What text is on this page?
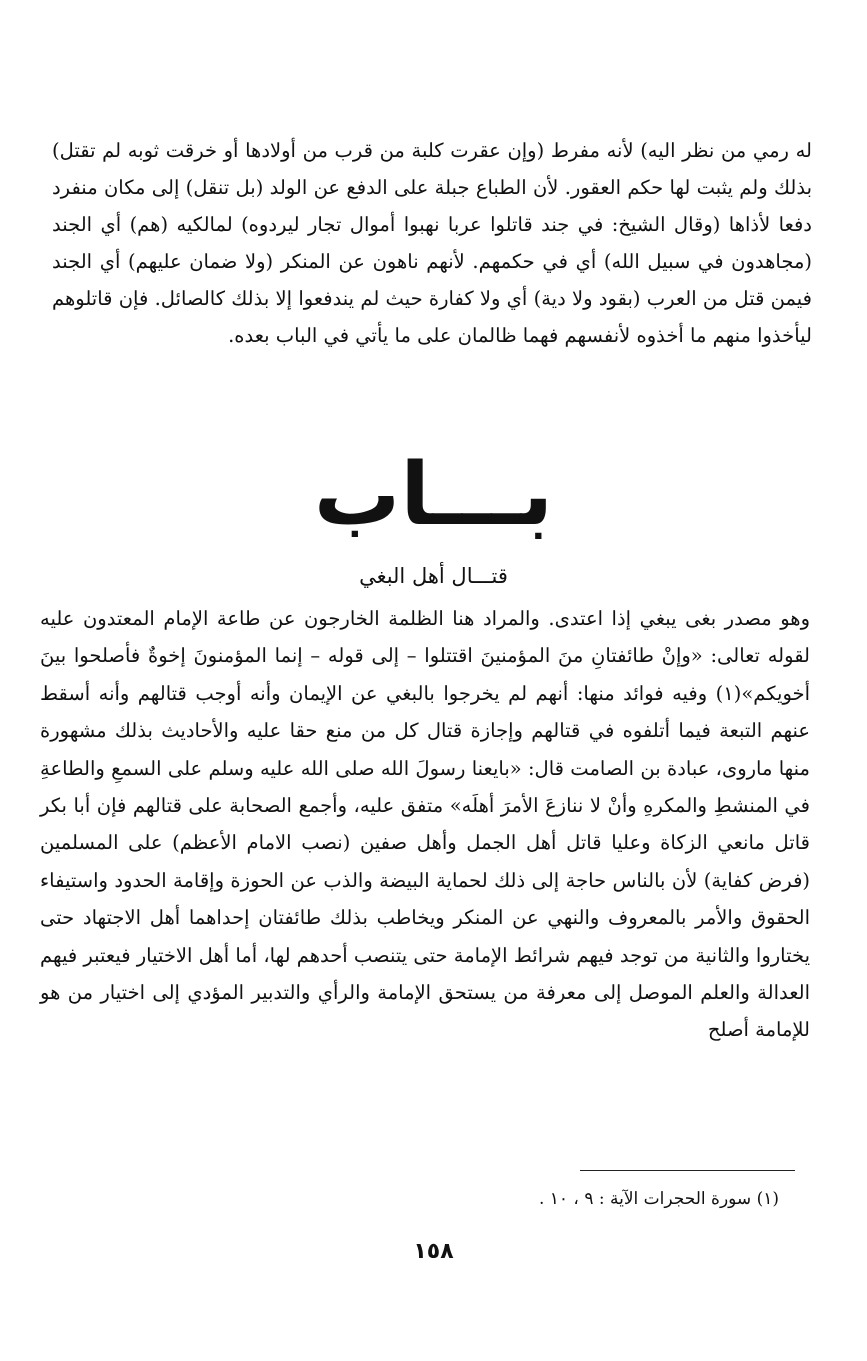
له رمي من نظر اليه) لأنه مفرط (وإن عقرت كلبة من قرب من أولادها أو خرقت ثوبه لم تقتل) بذلك ولم يثبت لها حكم العقور. لأن الطباع جبلة على الدفع عن الولد (بل تنقل) إلى مكان منفرد دفعا لأذاها (وقال الشيخ: في جند قاتلوا عربا نهبوا أموال تجار ليردوه) لمالكيه (هم) أي الجند (مجاهدون في سبيل الله) أي في حكمهم. لأنهم ناهون عن المنكر (ولا ضمان عليهم) أي الجند فيمن قتل من العرب (بقود ولا دية) أي ولا كفارة حيث لم يندفعوا إلا بذلك كالصائل. فإن قاتلوهم ليأخذوا منهم ما أخذوه لأنفسهم فهما ظالمان على ما يأتي في الباب بعده.

بـــاب
قتـــال أهل البغي

وهو مصدر بغى يبغي إذا اعتدى. والمراد هنا الظلمة الخارجون عن طاعة الإمام المعتدون عليه لقوله تعالى: «وإنْ طائفتانِ منَ المؤمنينَ اقتتلوا – إلى قوله – إنما المؤمنونَ إخوةٌ فأصلحوا بينَ أخويكم»(١) وفيه فوائد منها: أنهم لم يخرجوا بالبغي عن الإيمان وأنه أوجب قتالهم وأنه أسقط عنهم التبعة فيما أتلفوه في قتالهم وإجازة قتال كل من منع حقا عليه والأحاديث بذلك مشهورة منها ماروى، عبادة بن الصامت قال: «بايعنا رسولَ الله صلى الله عليه وسلم على السمعِ والطاعةِ في المنشطِ والمكرهِ وأنْ لا ننازعَ الأمرَ أهلَه» متفق عليه، وأجمع الصحابة على قتالهم فإن أبا بكر قاتل مانعي الزكاة وعليا قاتل أهل الجمل وأهل صفين (نصب الامام الأعظم) على المسلمين (فرض كفاية) لأن بالناس حاجة إلى ذلك لحماية البيضة والذب عن الحوزة وإقامة الحدود واستيفاء الحقوق والأمر بالمعروف والنهي عن المنكر ويخاطب بذلك طائفتان إحداهما أهل الاجتهاد حتى يختاروا والثانية من توجد فيهم شرائط الإمامة حتى يتنصب أحدهم لها، أما أهل الاختيار فيعتبر فيهم العدالة والعلم الموصل إلى معرفة من يستحق الإمامة والرأي والتدبير المؤدي إلى اختيار من هو للإمامة أصلح

(١) سورة الحجرات الآية : ٩ ، ١٠ .
١٥٨
